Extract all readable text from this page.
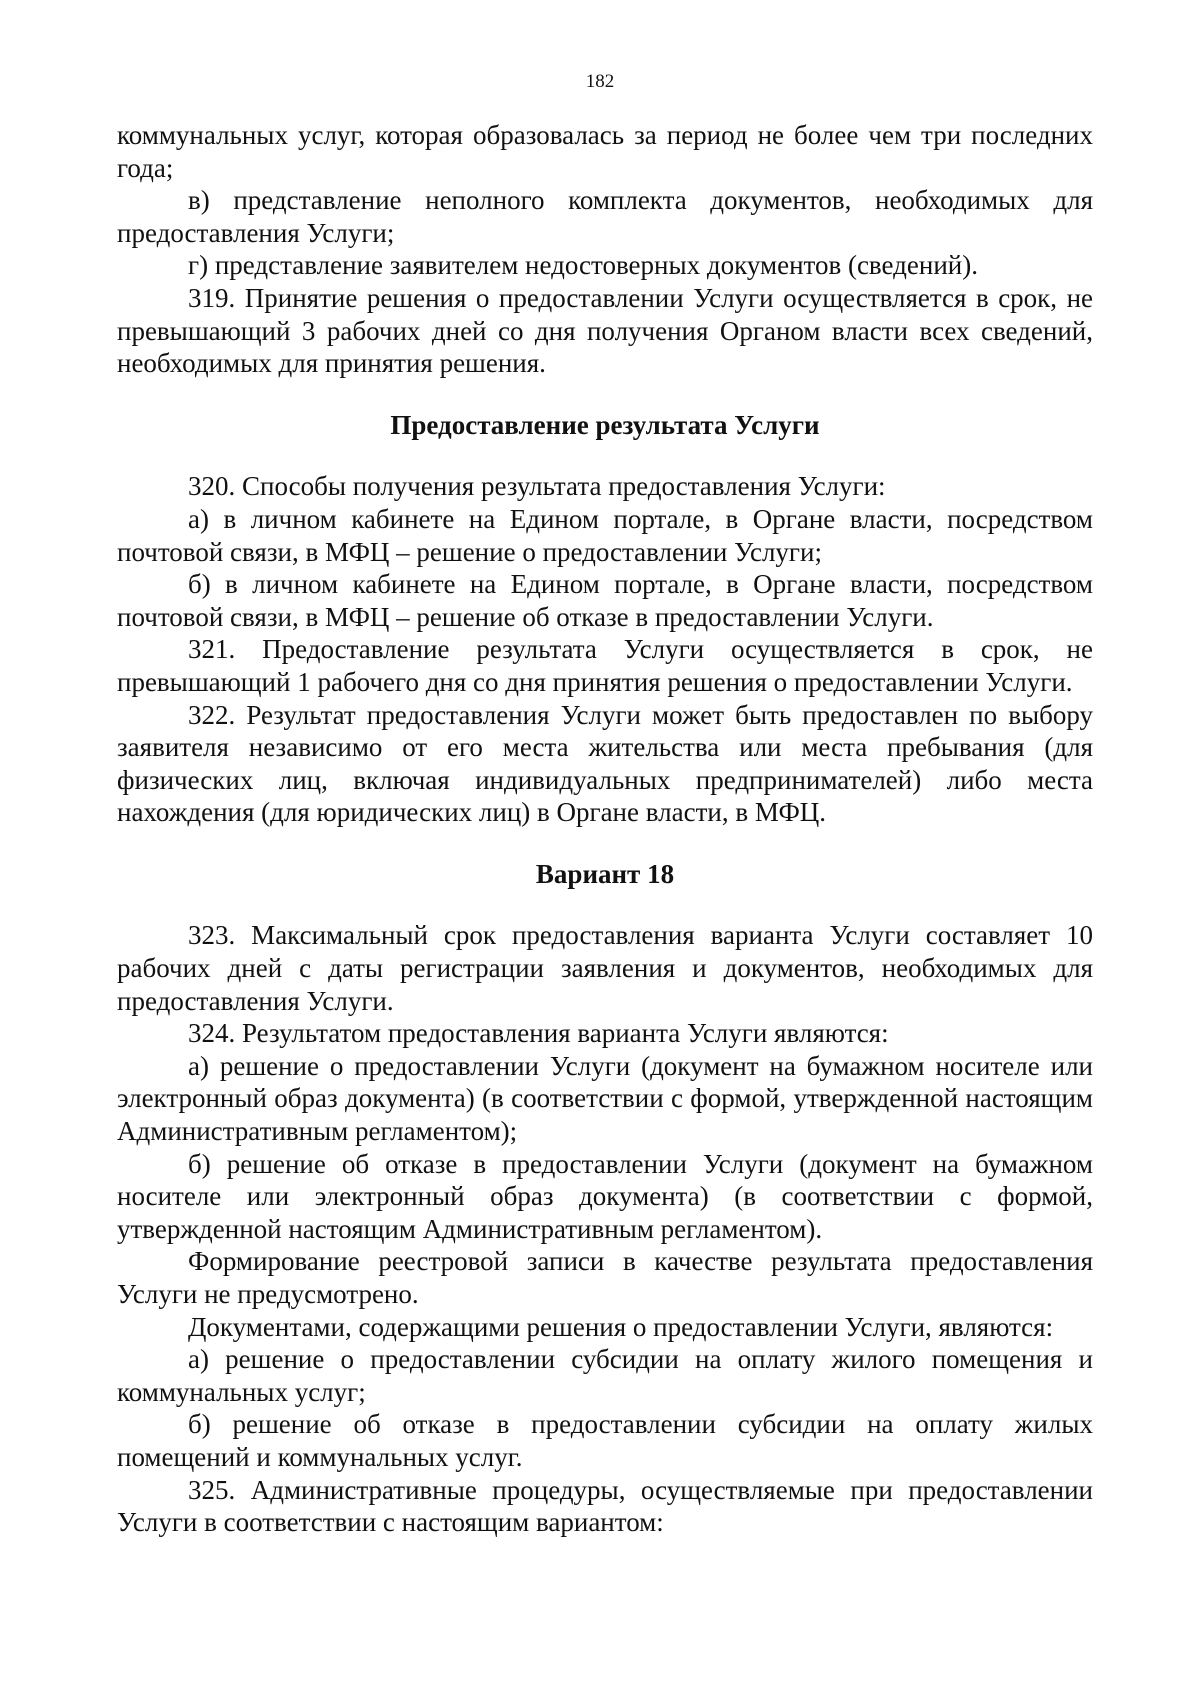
182

коммунальных услуг, которая образовалась за период не более чем три последних года;

в) представление неполного комплекта документов, необходимых для предоставления Услуги;

г) представление заявителем недостоверных документов (сведений).

319. Принятие решения о предоставлении Услуги осуществляется в срок, не превышающий 3 рабочих дней со дня получения Органом власти всех сведений, необходимых для принятия решения.

Предоставление результата Услуги

320. Способы получения результата предоставления Услуги:

а) в личном кабинете на Едином портале, в Органе власти, посредством почтовой связи, в МФЦ – решение о предоставлении Услуги;

б) в личном кабинете на Едином портале, в Органе власти, посредством почтовой связи, в МФЦ – решение об отказе в предоставлении Услуги.

321. Предоставление результата Услуги осуществляется в срок, не превышающий 1 рабочего дня со дня принятия решения о предоставлении Услуги.

322. Результат предоставления Услуги может быть предоставлен по выбору заявителя независимо от его места жительства или места пребывания (для физических лиц, включая индивидуальных предпринимателей) либо места нахождения (для юридических лиц) в Органе власти, в МФЦ.

Вариант 18

323. Максимальный срок предоставления варианта Услуги составляет 10 рабочих дней с даты регистрации заявления и документов, необходимых для предоставления Услуги.

324. Результатом предоставления варианта Услуги являются:

а) решение о предоставлении Услуги (документ на бумажном носителе или электронный образ документа) (в соответствии с формой, утвержденной настоящим Административным регламентом);

б) решение об отказе в предоставлении Услуги (документ на бумажном носителе или электронный образ документа) (в соответствии с формой, утвержденной настоящим Административным регламентом).

Формирование реестровой записи в качестве результата предоставления Услуги не предусмотрено.

Документами, содержащими решения о предоставлении Услуги, являются:

а) решение о предоставлении субсидии на оплату жилого помещения и коммунальных услуг;

б) решение об отказе в предоставлении субсидии на оплату жилых помещений и коммунальных услуг.

325. Административные процедуры, осуществляемые при предоставлении Услуги в соответствии с настоящим вариантом:
